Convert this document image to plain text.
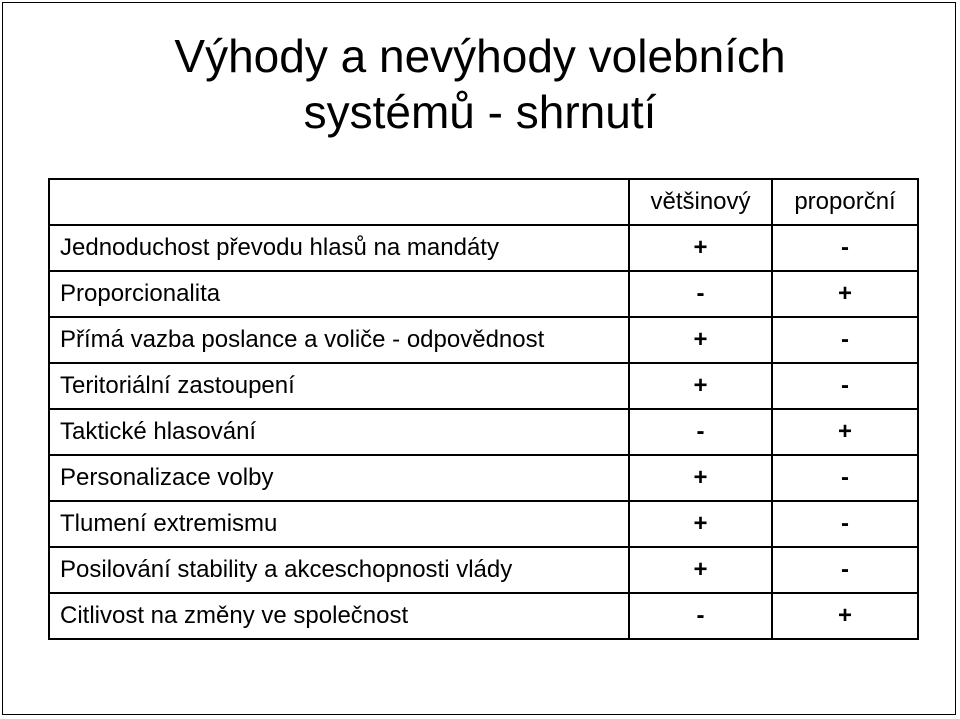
Výhody a nevýhody volebních
systémů - shrnutí
	většinový	proporční
Jednoduchost převodu hlasů na mandáty	+	-
Proporcionalita	-	+
Přímá vazba poslance a voliče - odpovědnost	+	-
Teritoriální zastoupení	+	-
Taktické hlasování	-	+
Personalizace volby	+	-
Tlumení extremismu	+	-
Posilování stability a akceschopnosti vlády	+	-
Citlivost na změny ve společnost	-	+
